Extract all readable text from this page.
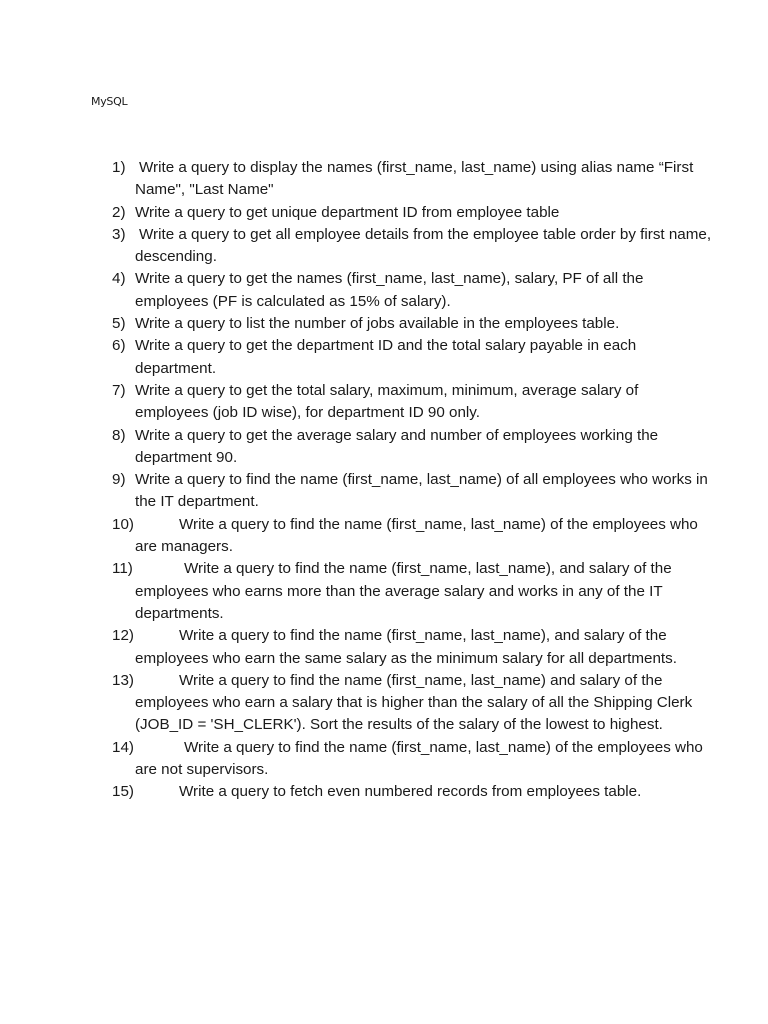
MySQL
1) Write a query to display the names (first_name, last_name) using alias name “First Name", "Last Name"
2) Write a query to get unique department ID from employee table
3) Write a query to get all employee details from the employee table order by first name, descending.
4) Write a query to get the names (first_name, last_name), salary, PF of all the employees (PF is calculated as 15% of salary).
5) Write a query to list the number of jobs available in the employees table.
6) Write a query to get the department ID and the total salary payable in each department.
7) Write a query to get the total salary, maximum, minimum, average salary of employees (job ID wise), for department ID 90 only.
8) Write a query to get the average salary and number of employees working the department 90.
9) Write a query to find the name (first_name, last_name) of all employees who works in the IT department.
10)	Write a query to find the name (first_name, last_name) of the employees who are managers.
11)	Write a query to find the name (first_name, last_name), and salary of the employees who earns more than the average salary and works in any of the IT departments.
12)	Write a query to find the name (first_name, last_name), and salary of the employees who earn the same salary as the minimum salary for all departments.
13)	Write a query to find the name (first_name, last_name) and salary of the employees who earn a salary that is higher than the salary of all the Shipping Clerk (JOB_ID = 'SH_CLERK'). Sort the results of the salary of the lowest to highest.
14)	Write a query to find the name (first_name, last_name) of the employees who are not supervisors.
15)	Write a query to fetch even numbered records from employees table.
